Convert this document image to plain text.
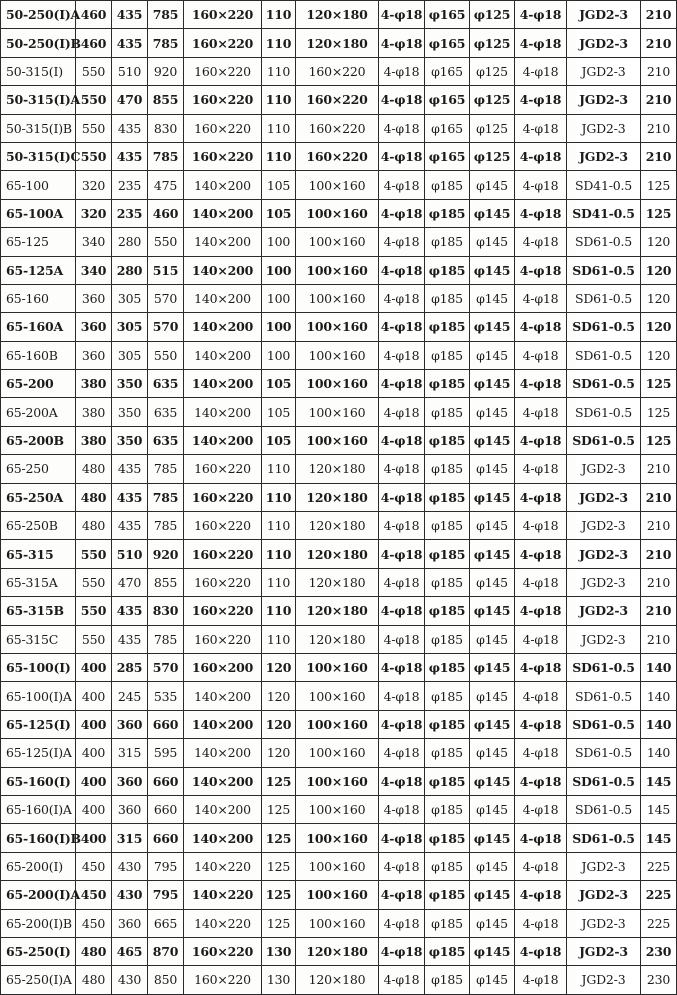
50-250(Ⅰ)A	460	435	785	160×220	110	120×180	4-φ18	φ165	φ125	4-φ18	JGD2-3	210
50-250(Ⅰ)B	460	435	785	160×220	110	120×180	4-φ18	φ165	φ125	4-φ18	JGD2-3	210
50-315(Ⅰ)	550	510	920	160×220	110	160×220	4-φ18	φ165	φ125	4-φ18	JGD2-3	210
50-315(Ⅰ)A	550	470	855	160×220	110	160×220	4-φ18	φ165	φ125	4-φ18	JGD2-3	210
50-315(Ⅰ)B	550	435	830	160×220	110	160×220	4-φ18	φ165	φ125	4-φ18	JGD2-3	210
50-315(Ⅰ)C	550	435	785	160×220	110	160×220	4-φ18	φ165	φ125	4-φ18	JGD2-3	210
65-100	320	235	475	140×200	105	100×160	4-φ18	φ185	φ145	4-φ18	SD41-0.5	125
65-100A	320	235	460	140×200	105	100×160	4-φ18	φ185	φ145	4-φ18	SD41-0.5	125
65-125	340	280	550	140×200	100	100×160	4-φ18	φ185	φ145	4-φ18	SD61-0.5	120
65-125A	340	280	515	140×200	100	100×160	4-φ18	φ185	φ145	4-φ18	SD61-0.5	120
65-160	360	305	570	140×200	100	100×160	4-φ18	φ185	φ145	4-φ18	SD61-0.5	120
65-160A	360	305	570	140×200	100	100×160	4-φ18	φ185	φ145	4-φ18	SD61-0.5	120
65-160B	360	305	550	140×200	100	100×160	4-φ18	φ185	φ145	4-φ18	SD61-0.5	120
65-200	380	350	635	140×200	105	100×160	4-φ18	φ185	φ145	4-φ18	SD61-0.5	125
65-200A	380	350	635	140×200	105	100×160	4-φ18	φ185	φ145	4-φ18	SD61-0.5	125
65-200B	380	350	635	140×200	105	100×160	4-φ18	φ185	φ145	4-φ18	SD61-0.5	125
65-250	480	435	785	160×220	110	120×180	4-φ18	φ185	φ145	4-φ18	JGD2-3	210
65-250A	480	435	785	160×220	110	120×180	4-φ18	φ185	φ145	4-φ18	JGD2-3	210
65-250B	480	435	785	160×220	110	120×180	4-φ18	φ185	φ145	4-φ18	JGD2-3	210
65-315	550	510	920	160×220	110	120×180	4-φ18	φ185	φ145	4-φ18	JGD2-3	210
65-315A	550	470	855	160×220	110	120×180	4-φ18	φ185	φ145	4-φ18	JGD2-3	210
65-315B	550	435	830	160×220	110	120×180	4-φ18	φ185	φ145	4-φ18	JGD2-3	210
65-315C	550	435	785	160×220	110	120×180	4-φ18	φ185	φ145	4-φ18	JGD2-3	210
65-100(Ⅰ)	400	285	570	160×200	120	100×160	4-φ18	φ185	φ145	4-φ18	SD61-0.5	140
65-100(Ⅰ)A	400	245	535	140×200	120	100×160	4-φ18	φ185	φ145	4-φ18	SD61-0.5	140
65-125(Ⅰ)	400	360	660	140×200	120	100×160	4-φ18	φ185	φ145	4-φ18	SD61-0.5	140
65-125(Ⅰ)A	400	315	595	140×200	120	100×160	4-φ18	φ185	φ145	4-φ18	SD61-0.5	140
65-160(Ⅰ)	400	360	660	140×200	125	100×160	4-φ18	φ185	φ145	4-φ18	SD61-0.5	145
65-160(Ⅰ)A	400	360	660	140×200	125	100×160	4-φ18	φ185	φ145	4-φ18	SD61-0.5	145
65-160(Ⅰ)B	400	315	660	140×200	125	100×160	4-φ18	φ185	φ145	4-φ18	SD61-0.5	145
65-200(Ⅰ)	450	430	795	140×220	125	100×160	4-φ18	φ185	φ145	4-φ18	JGD2-3	225
65-200(Ⅰ)A	450	430	795	140×220	125	100×160	4-φ18	φ185	φ145	4-φ18	JGD2-3	225
65-200(Ⅰ)B	450	360	665	140×220	125	100×160	4-φ18	φ185	φ145	4-φ18	JGD2-3	225
65-250(Ⅰ)	480	465	870	160×220	130	120×180	4-φ18	φ185	φ145	4-φ18	JGD2-3	230
65-250(Ⅰ)A	480	430	850	160×220	130	120×180	4-φ18	φ185	φ145	4-φ18	JGD2-3	230
